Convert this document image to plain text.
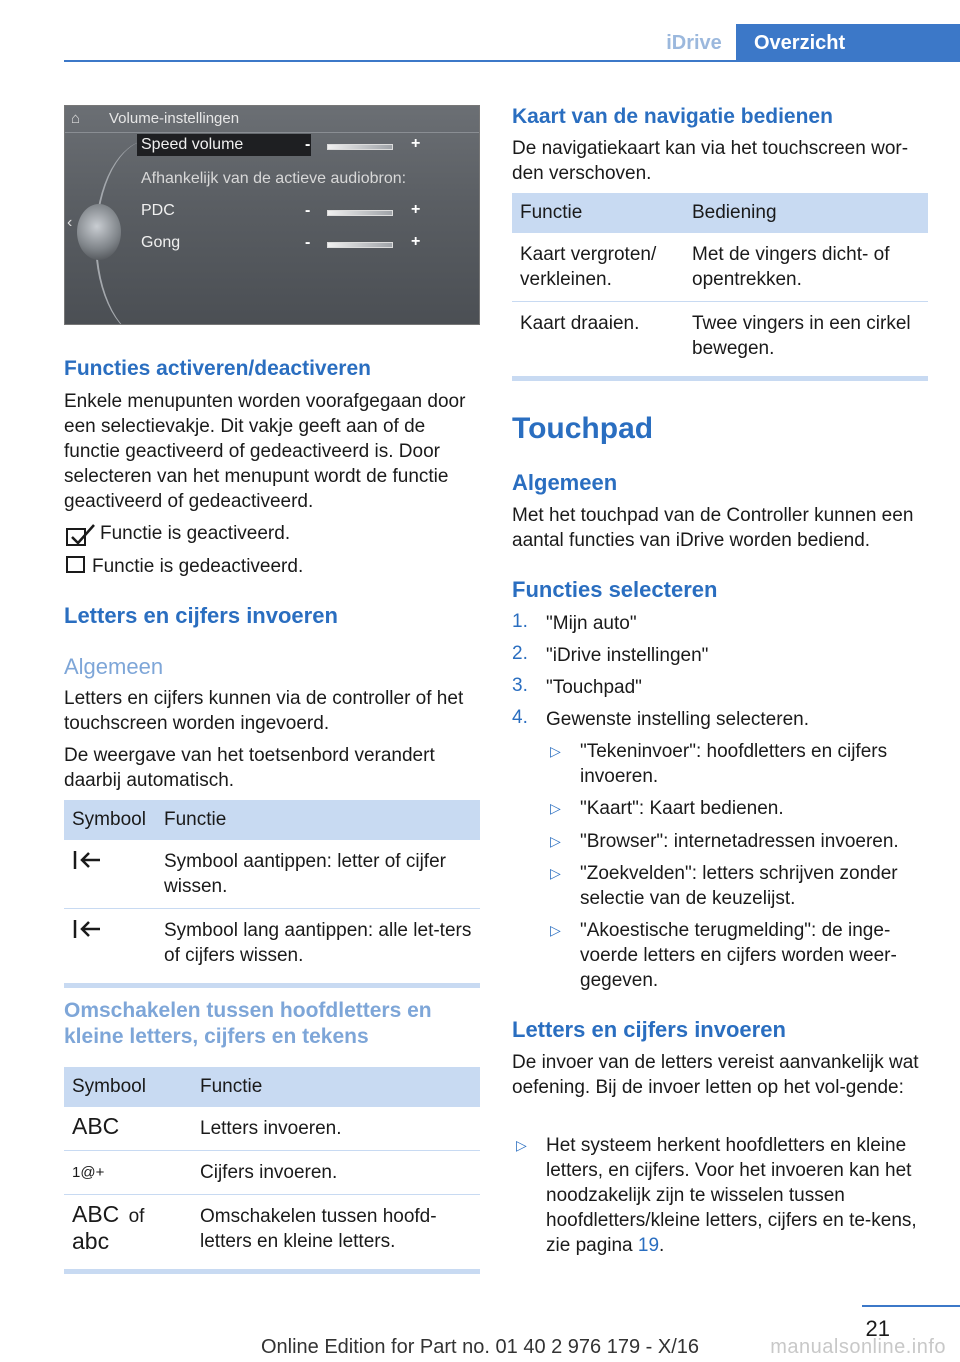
iDrive	Overzicht
⌂
‹
Volume-instellingen
Speed volume
Afhankelijk van de actieve audiobron:
PDC
Gong
-	+
-	+
-	+
Functies activeren/deactiveren
Enkele menupunten worden voorafgegaan door een selectievakje. Dit vakje geeft aan of de functie geactiveerd of gedeactiveerd is. Door selecteren van het menupunt wordt de functie geactiveerd of gedeactiveerd.
Functie is geactiveerd.
Functie is gedeactiveerd.
Letters en cijfers invoeren
Algemeen
Letters en cijfers kunnen via de controller of het touchscreen worden ingevoerd.
De weergave van het toetsenbord verandert daarbij automatisch.
Symbool	Functie
	Symbool aantippen: letter of cijfer wissen.
	Symbool lang aantippen: alle let-ters of cijfers wissen.
Omschakelen tussen hoofdletters en kleine letters, cijfers en tekens
Symbool	Functie
ABC	Letters invoeren.
1@+	Cijfers invoeren.
ABC of
abc	Omschakelen tussen hoofd-letters en kleine letters.
Kaart van de navigatie bedienen
De navigatiekaart kan via het touchscreen wor-den verschoven.
Functie	Bediening
Kaart vergroten/ verkleinen.	Met de vingers dicht- of opentrekken.
Kaart draaien.	Twee vingers in een cirkel bewegen.
Touchpad
Algemeen
Met het touchpad van de Controller kunnen een aantal functies van iDrive worden bediend.
Functies selecteren
1. "Mijn auto"
2. "iDrive instellingen"
3. "Touchpad"
4. Gewenste instelling selecteren.
▷ "Tekeninvoer": hoofdletters en cijfers invoeren.
▷ "Kaart": Kaart bedienen.
▷ "Browser": internetadressen invoeren.
▷ "Zoekvelden": letters schrijven zonder selectie van de keuzelijst.
▷ "Akoestische terugmelding": de inge-voerde letters en cijfers worden weer-gegeven.
Letters en cijfers invoeren
De invoer van de letters vereist aanvankelijk wat oefening. Bij de invoer letten op het vol-gende:
▷ Het systeem herkent hoofdletters en kleine letters, en cijfers. Voor het invoeren kan het noodzakelijk zijn te wisselen tussen hoofdletters/kleine letters, cijfers en te-kens, zie pagina 19.
21
Online Edition for Part no. 01 40 2 976 179 - X/16	manualsonline.info
